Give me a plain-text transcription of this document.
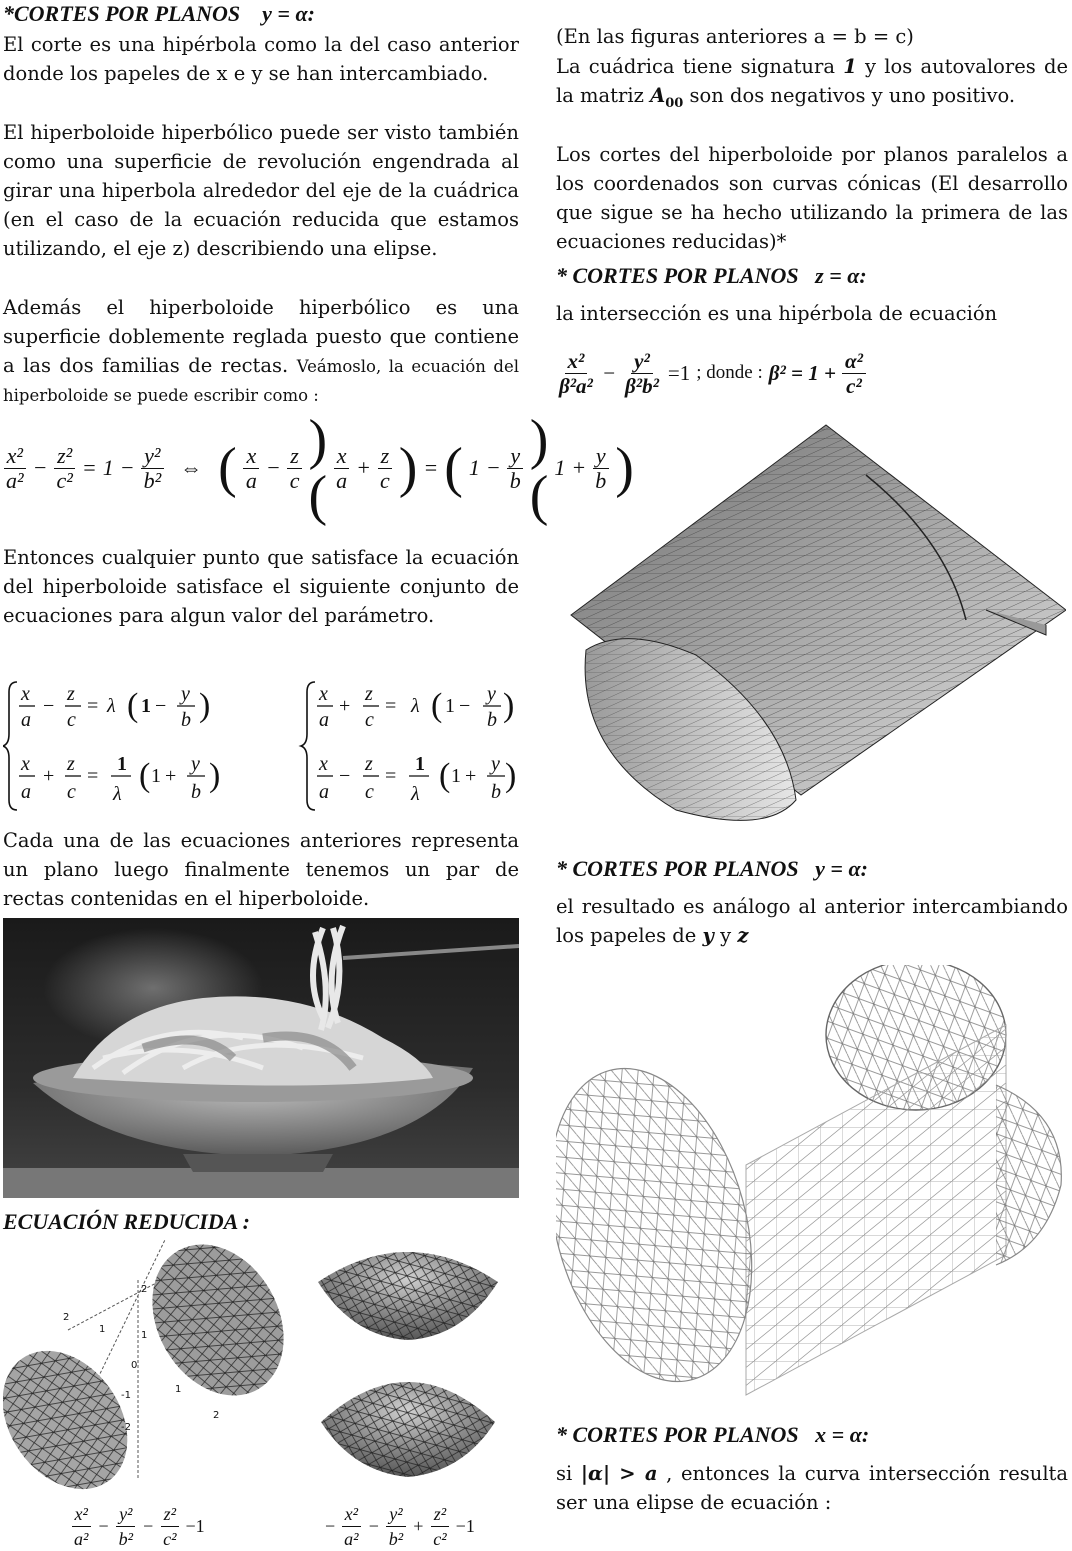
*CORTES POR PLANOS y = α:

El corte es una hipérbola como la del caso anterior donde los papeles de x e y se han intercambiado.

El hiperboloide hiperbólico puede ser visto también como una superficie de revolución engendrada al girar una hiperbola alrededor del eje de la cuádrica (en el caso de la ecuación reducida que estamos utilizando, el eje z) describiendo una elipse.

Además el hiperboloide hiperbólico es una superficie doblemente reglada puesto que contiene a las dos familias de rectas. Veámoslo, la ecuación del hiperboloide se puede escribir como :

$\frac{\text{x²}}{\text{a²}} - \frac{\text{z²}}{\text{c²}} = 1 - \frac{\text{y²}}{\text{b²}}$ ⇔ ( $\frac{x}{a} - \frac{z}{c}$ )( $\frac{x}{a} + \frac{z}{c}$ ) = ( $1 - \frac{y}{b}$ )( $1 + \frac{y}{b}$ )

Entonces cualquier punto que satisface la ecuación del hiperboloide satisface el siguiente conjunto de ecuaciones para algun valor del parámetro.

x
a
−
z
c
= λ ( 1 −
y
b )
x
a
+
z
c
=
1
λ ( 1 +
y
b )
x
a
+
z
c
= λ ( 1 −
y
b )
x
a
−
z
c
=
1
λ ( 1 +
y
b )

Cada una de las ecuaciones anteriores representa un plano luego finalmente tenemos un par de rectas contenidas en el hiperboloide.

ECUACIÓN REDUCIDA :
2
1
0
-1
-2
1
2
1
2
$\frac{\text{x²}}{\text{a²}} - \frac{\text{y²}}{\text{b²}} - \frac{\text{z²}}{\text{c²}} -1$	− $\frac{\text{x²}}{\text{a²}} - \frac{\text{y²}}{\text{b²}} + \frac{\text{z²}}{\text{c²}} -1$

(En las figuras anteriores a = b = c)

La cuádrica tiene signatura 1 y los autovalores de la matriz $A_{00}$ son dos negativos y uno positivo.

Los cortes del hiperboloide por planos paralelos a los coordenados son curvas cónicas (El desarrollo que sigue se ha hecho utilizando la primera de las ecuaciones reducidas)*

* CORTES POR PLANOS z = α:

la intersección es una hipérbola de ecuación

$\frac{\text{x²}}{\text{β²a²}} - \frac{\text{y²}}{\text{β²b²}} =1$ ; donde : $\beta^2 = 1 + \frac{\text{α²}}{\text{c²}}$
* CORTES POR PLANOS y = α:

el resultado es análogo al anterior intercambiando los papeles de y y z

* CORTES POR PLANOS x = α:

si |α| > a , entonces la curva intersección resulta ser una elipse de ecuación :
